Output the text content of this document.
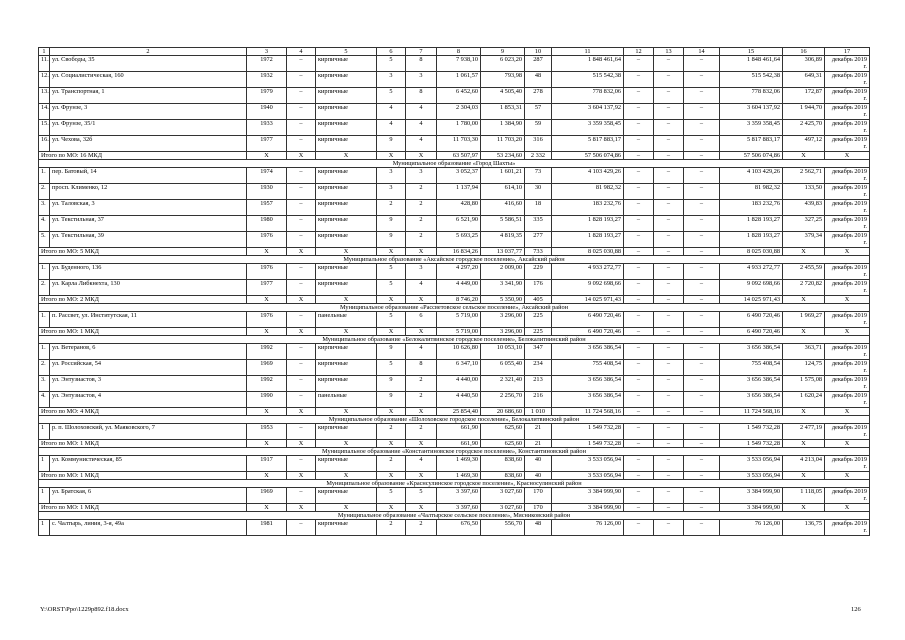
1	2	3	4	5	6	7	8	9	10	11	12	13	14	15	16	17
11.	ул. Свободы, 35	1972	–	кирпичные	5	8	7 938,10	6 023,20	287	1 848 461,64	–	–	–	1 848 461,64	306,89	декабрь 2019 г.
12.	ул. Социалистическая, 160	1932	–	кирпичные	3	3	1 061,57	793,98	48	515 542,38	–	–	–	515 542,38	649,31	декабрь 2019 г.
13.	ул. Транспортная, 1	1979	–	кирпичные	5	8	6 452,60	4 505,40	278	778 832,06	–	–	–	778 832,06	172,87	декабрь 2019 г.
14.	ул. Фрунзе, 3	1940	–	кирпичные	4	4	2 304,03	1 853,31	57	3 604 137,92	–	–	–	3 604 137,92	1 944,70	декабрь 2019 г.
15.	ул. Фрунзе, 35/1	1933	–	кирпичные	4	4	1 780,00	1 384,90	59	3 359 358,45	–	–	–	3 359 358,45	2 425,70	декабрь 2019 г.
16.	ул. Чехова, 32б	1977	–	кирпичные	9	4	11 703,30	11 703,20	316	5 817 883,17	–	–	–	5 817 883,17	497,12	декабрь 2019 г.
Итого по МО: 16 МКД		Х	Х	Х	Х	Х	63 507,97	53 234,60	2 332	57 506 074,86	–	–	–	57 506 074,86	Х	Х
Муниципальное образование «Город Шахты»																
1.	пер. Батовый, 14	1974	–	кирпичные	3	3	3 052,37	1 601,21	73	4 103 429,26	–	–	–	4 103 429,26	2 562,71	декабрь 2019 г.
2.	просп. Клименко, 12	1930	–	кирпичные	3	2	1 137,94	614,10	30	81 982,32	–	–	–	81 982,32	133,50	декабрь 2019 г.
3.	ул. Таловская, 3	1957	–	кирпичные	2	2	428,80	416,60	18	183 232,76	–	–	–	183 232,76	439,83	декабрь 2019 г.
4.	ул. Текстильная, 37	1980	–	кирпичные	9	2	6 521,90	5 586,51	335	1 828 193,27	–	–	–	1 828 193,27	327,25	декабрь 2019 г.
5.	ул. Текстильная, 39	1976	–	кирпичные	9	2	5 693,25	4 819,35	277	1 828 193,27	–	–	–	1 828 193,27	379,34	декабрь 2019 г.
Итого по МО: 5 МКД		Х	Х	Х	Х	Х	16 834,26	13 037,77	733	8 025 030,88	–	–	–	8 025 030,88	Х	Х
Муниципальное образование «Аксайское городское поселение», Аксайский район																
1.	ул. Буденного, 136	1976	–	кирпичные	5	3	4 297,20	2 009,00	229	4 933 272,77	–	–	–	4 933 272,77	2 455,59	декабрь 2019 г.
2.	ул. Карла Либкнехта, 130	1977	–	кирпичные	5	4	4 449,00	3 341,90	176	9 092 698,66	–	–	–	9 092 698,66	2 720,82	декабрь 2019 г.
Итого по МО: 2 МКД		Х	Х	Х	Х	Х	8 746,20	5 350,90	405	14 025 971,43	–	–	–	14 025 971,43	Х	Х
Муниципальное образование «Рассветовское сельское поселение», Аксайский район																
1.	п. Рассвет, ул. Институтская, 11	1976	–	панельные	5	6	5 719,00	3 296,00	225	6 490 720,46	–	–	–	6 490 720,46	1 969,27	декабрь 2019 г.
Итого по МО: 1 МКД		Х	Х	Х	Х	Х	5 719,00	3 296,00	225	6 490 720,46	–	–	–	6 490 720,46	Х	Х
Муниципальное образование «Белокалитвинское городское поселение», Белокалитвинский район																
1.	ул. Ветеранов, 6	1992	–	кирпичные	9	4	10 626,80	10 053,10	347	3 656 386,54	–	–	–	3 656 386,54	363,71	декабрь 2019 г.
2.	ул. Российская, 54	1969	–	кирпичные	5	8	6 347,10	6 055,40	234	755 408,54	–	–	–	755 408,54	124,75	декабрь 2019 г.
3.	ул. Энтузиастов, 3	1992	–	кирпичные	9	2	4 440,00	2 321,40	213	3 656 386,54	–	–	–	3 656 386,54	1 575,08	декабрь 2019 г.
4.	ул. Энтузиастов, 4	1990	–	панельные	9	2	4 440,50	2 256,70	216	3 656 386,54	–	–	–	3 656 386,54	1 620,24	декабрь 2019 г.
Итого по МО: 4 МКД		Х	Х	Х	Х	Х	25 854,40	20 686,60	1 010	11 724 568,16	–	–	–	11 724 568,16	Х	Х
Муниципальное образование «Шолоховское городское поселение», Белокалитвинский район																
1	р. п. Шолоховский, ул. Маяковского, 7	1953	–	кирпичные	2	2	661,90	625,60	21	1 549 732,28	–	–	–	1 549 732,28	2 477,19	декабрь 2019 г.
Итого по МО: 1 МКД		Х	Х	Х	Х	Х	661,90	625,60	21	1 549 732,28	–	–	–	1 549 732,28	Х	Х
Муниципальное образование «Константиновское городское поселение», Константиновский район																
1	ул. Коммунистическая, 85	1917	–	кирпичные	2	4	1 469,30	838,60	40	3 533 056,94	–	–	–	3 533 056,94	4 213,04	декабрь 2019 г.
Итого по МО: 1 МКД		Х	Х	Х	Х	Х	1 469,30	838,60	40	3 533 056,94	–	–	–	3 533 056,94	Х	Х
Муниципальное образование «Краснсулинское городское поселение», Красносулинский район																
1	ул. Братская, 6	1969	–	кирпичные	5	5	3 397,60	3 027,60	170	3 384 999,90	–	–	–	3 384 999,90	1 118,05	декабрь 2019 г.
Итого по МО: 1 МКД		Х	Х	Х	Х	Х	3 397,60	3 027,60	170	3 384 999,90	–	–	–	3 384 999,90	Х	Х
Муниципальное образование «Чалтырское сельское поселение», Мясниковский район																
1	с. Чалтырь, линия, 3-я, 49а	1981	–	кирпичные	2	2	676,50	556,70	48	76 126,00	–	–	–	76 126,00	136,75	декабрь 2019 г.
Y:\ORST\Ppo\1229p892.f18.docx	126
